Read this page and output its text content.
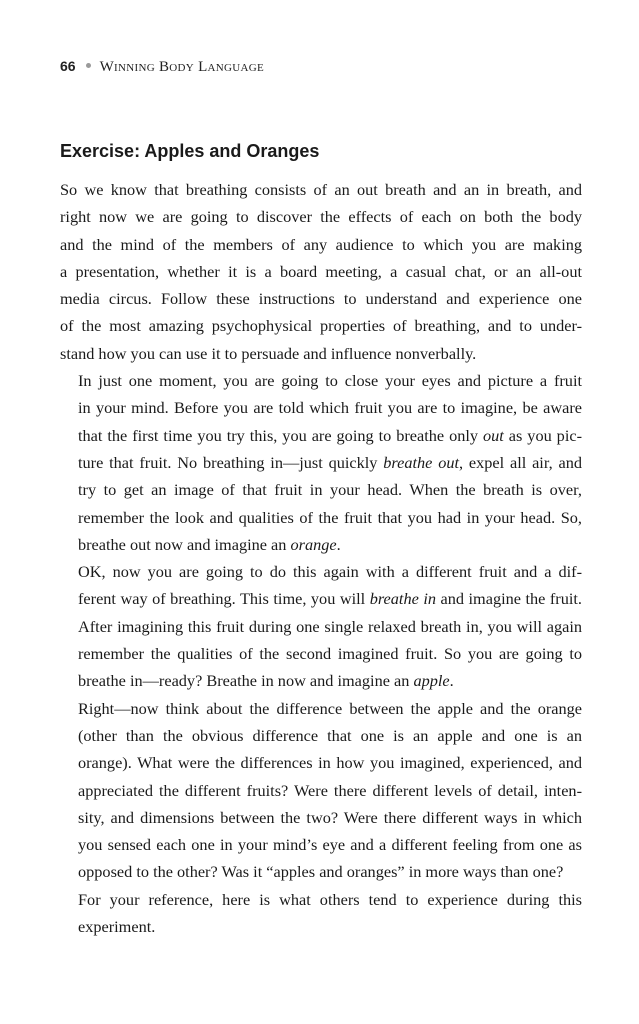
66 Winning Body Language
Exercise: Apples and Oranges

So we know that breathing consists of an out breath and an in breath, and
right now we are going to discover the effects of each on both the body
and the mind of the members of any audience to which you are making
a presentation, whether it is a board meeting, a casual chat, or an all-out
media circus. Follow these instructions to understand and experience one
of the most amazing psychophysical properties of breathing, and to under-
stand how you can use it to persuade and influence nonverbally.

In just one moment, you are going to close your eyes and picture a fruit
in your mind. Before you are told which fruit you are to imagine, be aware
that the first time you try this, you are going to breathe only out as you pic-
ture that fruit. No breathing in—just quickly breathe out, expel all air, and
try to get an image of that fruit in your head. When the breath is over,
remember the look and qualities of the fruit that you had in your head. So,
breathe out now and imagine an orange.

OK, now you are going to do this again with a different fruit and a dif-
ferent way of breathing. This time, you will breathe in and imagine the fruit.
After imagining this fruit during one single relaxed breath in, you will again
remember the qualities of the second imagined fruit. So you are going to
breathe in—ready? Breathe in now and imagine an apple.

Right—now think about the difference between the apple and the orange
(other than the obvious difference that one is an apple and one is an
orange). What were the differences in how you imagined, experienced, and
appreciated the different fruits? Were there different levels of detail, inten-
sity, and dimensions between the two? Were there different ways in which
you sensed each one in your mind’s eye and a different feeling from one as
opposed to the other? Was it “apples and oranges” in more ways than one?

For your reference, here is what others tend to experience during this
experiment.
